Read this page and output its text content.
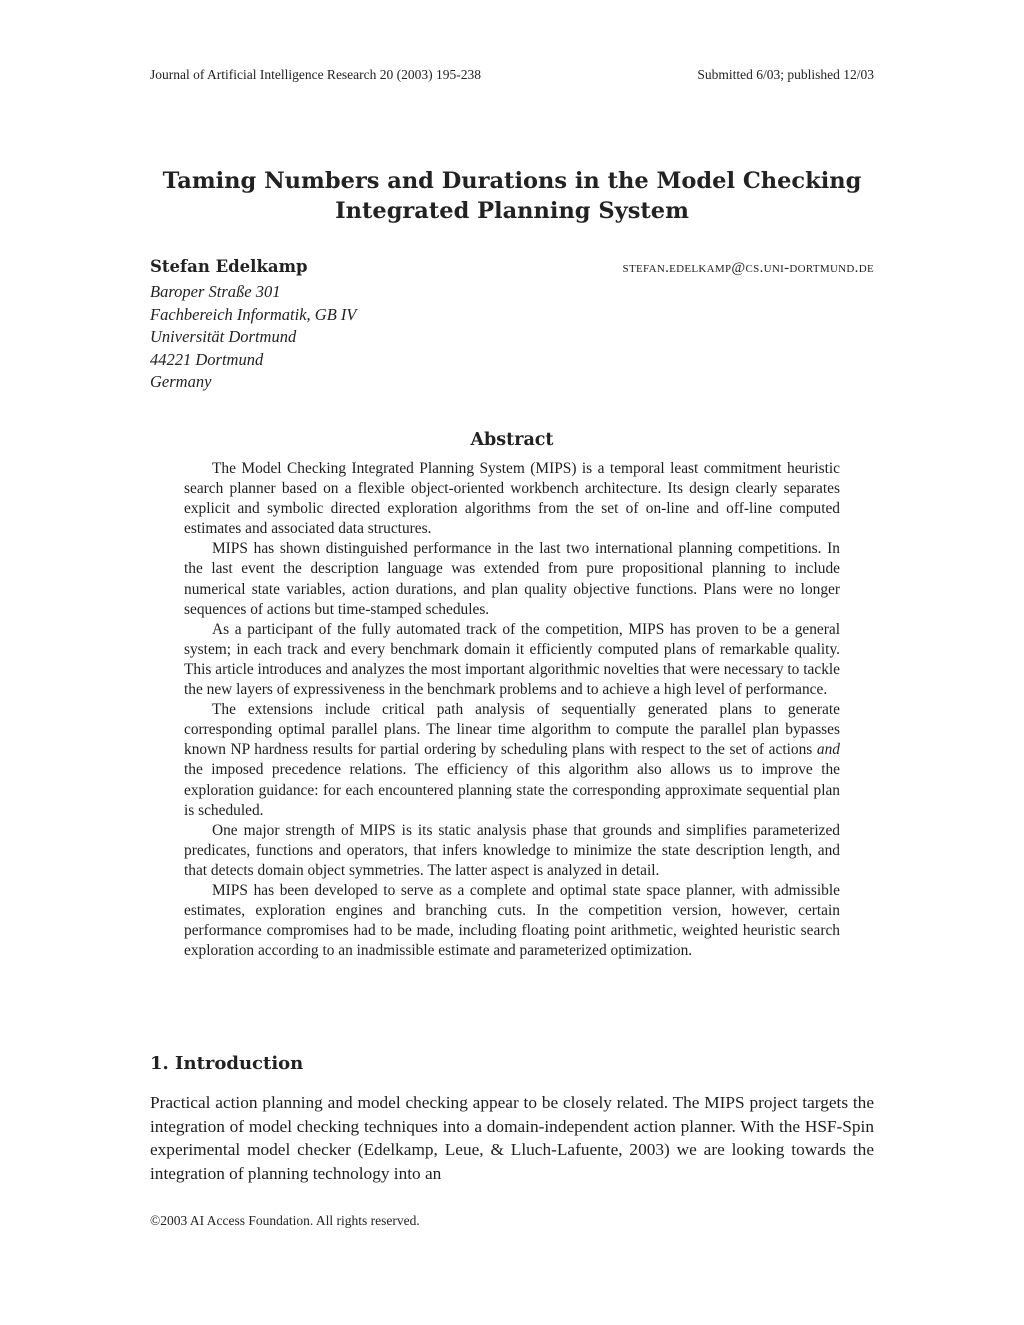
Journal of Artificial Intelligence Research 20 (2003) 195-238	Submitted 6/03; published 12/03
Taming Numbers and Durations in the Model Checking
Integrated Planning System
Stefan Edelkamp	stefan.edelkamp@cs.uni-dortmund.de
Baroper Straße 301
Fachbereich Informatik, GB IV
Universität Dortmund
44221 Dortmund
Germany
Abstract

The Model Checking Integrated Planning System (MIPS) is a temporal least commitment heuristic search planner based on a flexible object-oriented workbench architecture. Its design clearly separates explicit and symbolic directed exploration algorithms from the set of on-line and off-line computed estimates and associated data structures.

MIPS has shown distinguished performance in the last two international planning competitions. In the last event the description language was extended from pure propositional planning to include numerical state variables, action durations, and plan quality objective functions. Plans were no longer sequences of actions but time-stamped schedules.

As a participant of the fully automated track of the competition, MIPS has proven to be a general system; in each track and every benchmark domain it efficiently computed plans of remarkable quality. This article introduces and analyzes the most important algorithmic novelties that were necessary to tackle the new layers of expressiveness in the benchmark problems and to achieve a high level of performance.

The extensions include critical path analysis of sequentially generated plans to generate corresponding optimal parallel plans. The linear time algorithm to compute the parallel plan bypasses known NP hardness results for partial ordering by scheduling plans with respect to the set of actions and the imposed precedence relations. The efficiency of this algorithm also allows us to improve the exploration guidance: for each encountered planning state the corresponding approximate sequential plan is scheduled.

One major strength of MIPS is its static analysis phase that grounds and simplifies parameterized predicates, functions and operators, that infers knowledge to minimize the state description length, and that detects domain object symmetries. The latter aspect is analyzed in detail.

MIPS has been developed to serve as a complete and optimal state space planner, with admissible estimates, exploration engines and branching cuts. In the competition version, however, certain performance compromises had to be made, including floating point arithmetic, weighted heuristic search exploration according to an inadmissible estimate and parameterized optimization.

1. Introduction

Practical action planning and model checking appear to be closely related. The MIPS project targets the integration of model checking techniques into a domain-independent action planner. With the HSF-Spin experimental model checker (Edelkamp, Leue, & Lluch-Lafuente, 2003) we are looking towards the integration of planning technology into an

©2003 AI Access Foundation. All rights reserved.
